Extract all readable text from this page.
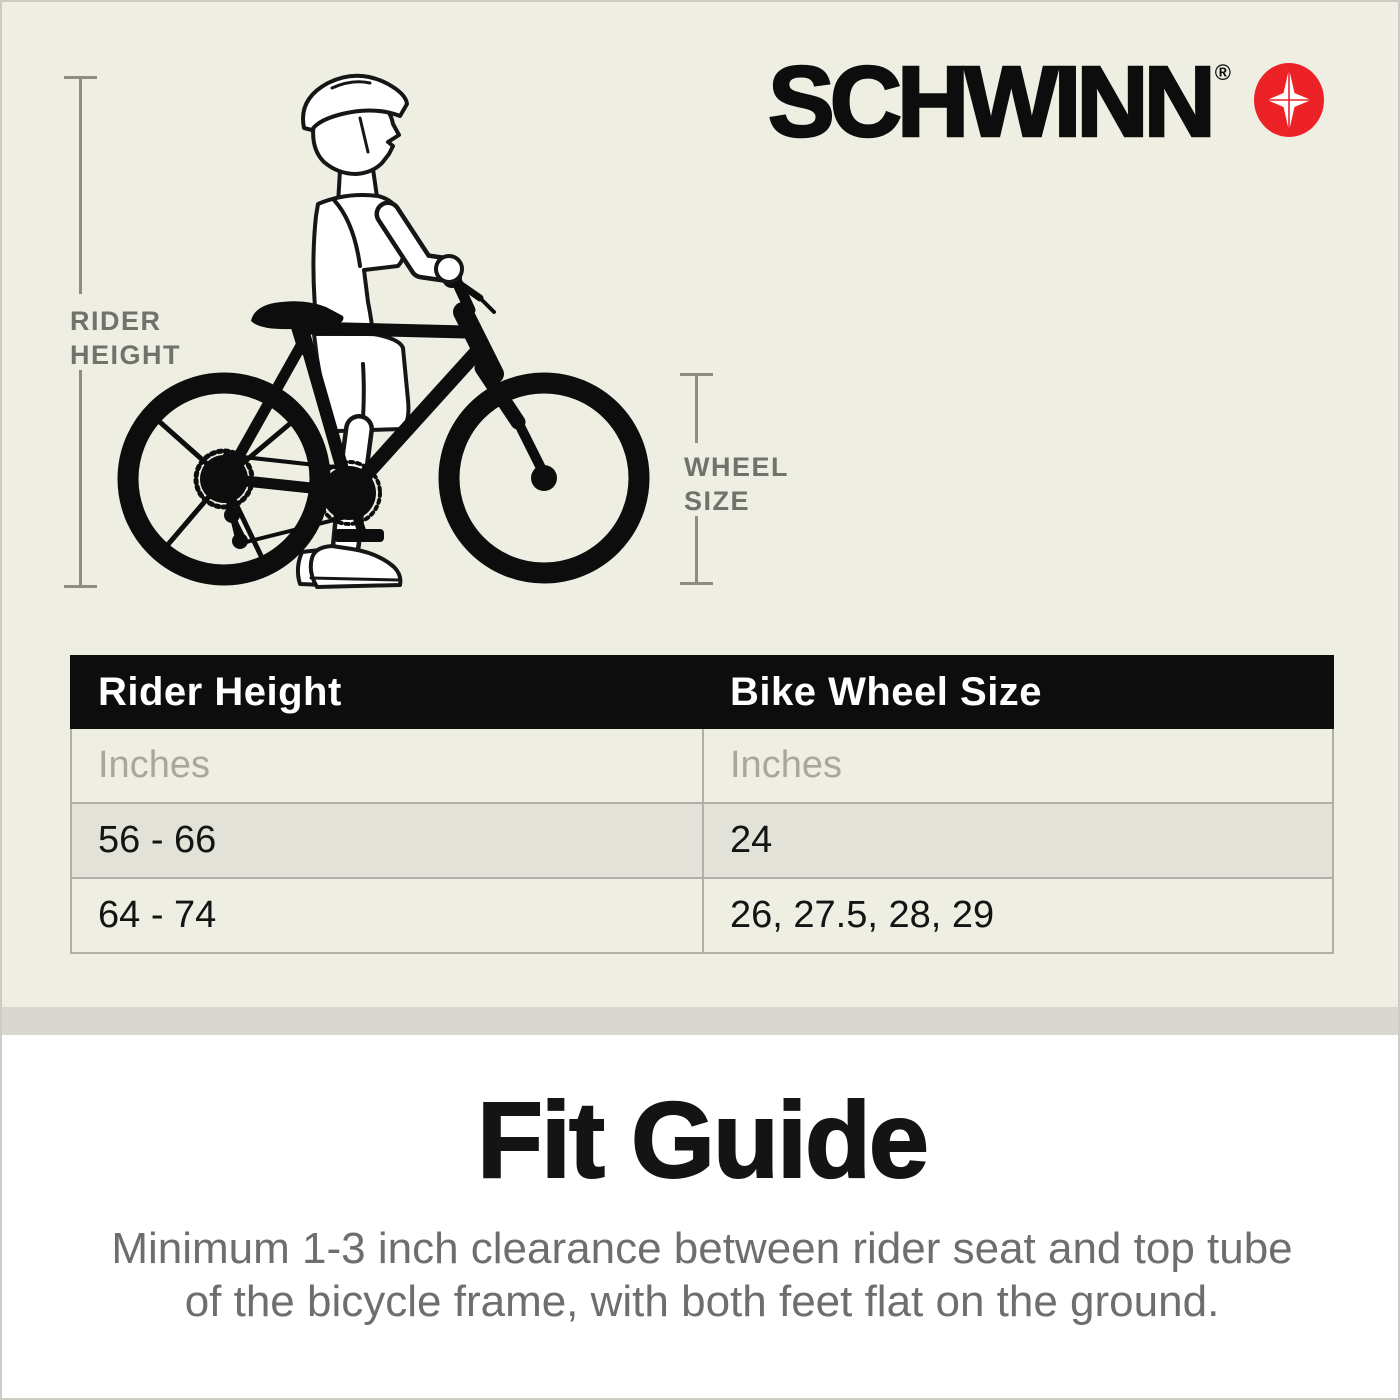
RIDER
HEIGHT
WHEEL
SIZE
SCHWINN ®
Rider Height	Bike Wheel Size
Inches	Inches
56 - 66	24
64 - 74	26, 27.5, 28, 29
Fit Guide

Minimum 1-3 inch clearance between rider seat and top tube
of the bicycle frame, with both feet flat on the ground.
